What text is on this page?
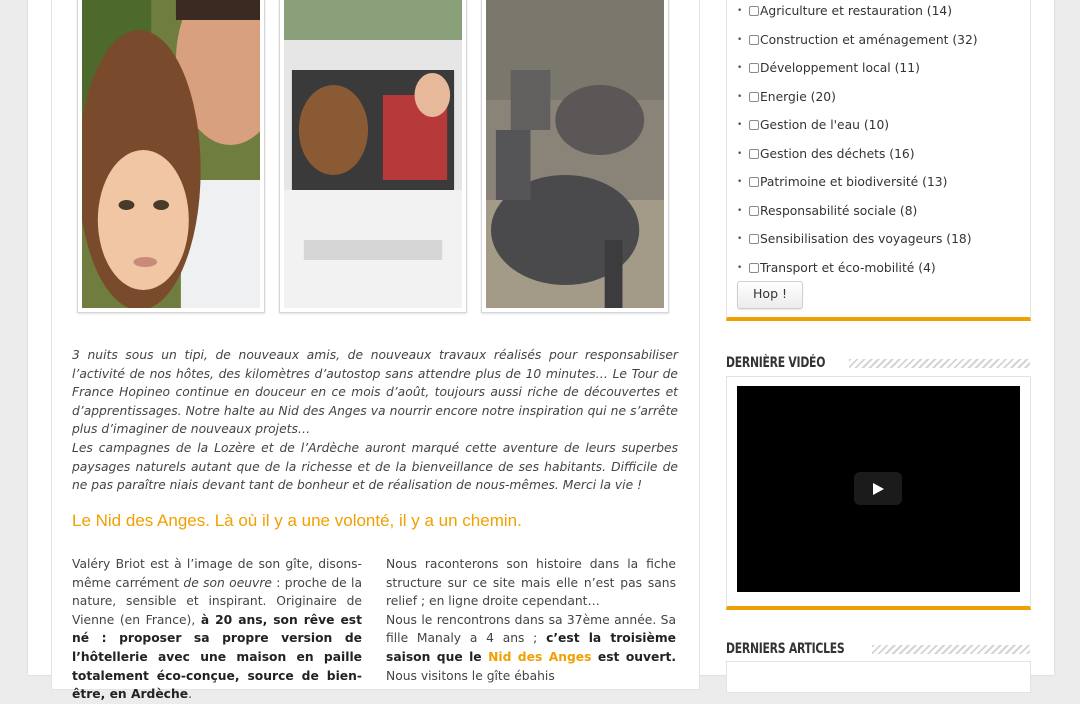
3 nuits sous un tipi, de nouveaux amis, de nouveaux travaux réalisés pour responsabiliser l’activité de nos hôtes, des kilomètres d’autostop sans attendre plus de 10 minutes… Le Tour de France Hopineo continue en douceur en ce mois d’août, toujours aussi riche de découvertes et d’apprentissages. Notre halte au Nid des Anges va nourrir encore notre inspiration qui ne s’arrête plus d’imaginer de nouveaux projets…

Les campagnes de la Lozère et de l’Ardèche auront marqué cette aventure de leurs superbes paysages naturels autant que de la richesse et de la bienveillance de ses habitants. Difficile de ne pas paraître niais devant tant de bonheur et de réalisation de nous-mêmes. Merci la vie !

Le Nid des Anges. Là où il y a une volonté, il y a un chemin.

Valéry Briot est à l’image de son gîte, disons-même carrément de son oeuvre : proche de la nature, sensible et inspirant. Originaire de Vienne (en France), à 20 ans, son rêve est né : proposer sa propre version de l’hôtellerie avec une maison en paille totalement éco-conçue, source de bien-être, en Ardèche.

Nous raconterons son histoire dans la fiche structure sur ce site mais elle n’est pas sans relief ; en ligne droite cependant…

Nous le rencontrons dans sa 37ème année. Sa fille Manaly a 4 ans ; c’est la troisième saison que le Nid des Anges est ouvert. Nous visitons le gîte ébahis

•	Agriculture et restauration (14)
•	Construction et aménagement (32)
•	Développement local (11)
•	Energie (20)
•	Gestion de l'eau (10)
•	Gestion des déchets (16)
•	Patrimoine et biodiversité (13)
•	Responsabilité sociale (8)
•	Sensibilisation des voyageurs (18)
•	Transport et éco-mobilité (4)
Hop !
DERNIÈRE VIDÉO
DERNIERS ARTICLES
